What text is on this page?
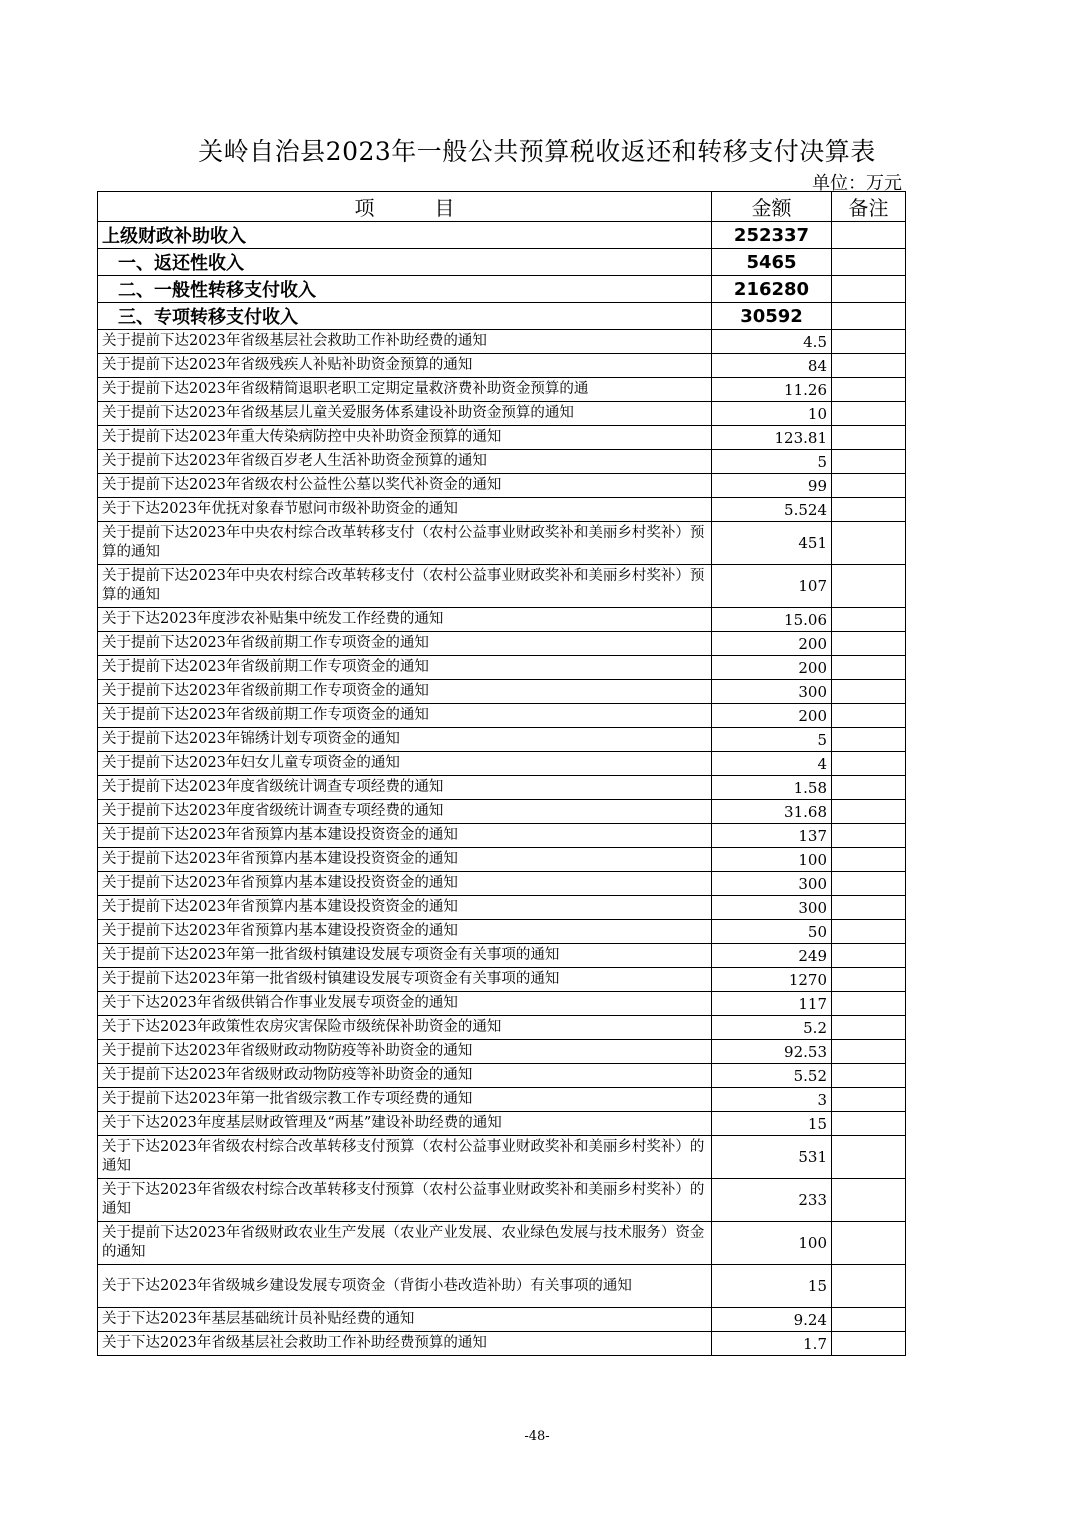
关岭自治县2023年一般公共预算税收返还和转移支付决算表
单位：万元
项目	金额	备注
上级财政补助收入	252337	
一、返还性收入	5465	
二、一般性转移支付收入	216280	
三、专项转移支付收入	30592	
关于提前下达2023年省级基层社会救助工作补助经费的通知	4.5	
关于提前下达2023年省级残疾人补贴补助资金预算的通知	84	
关于提前下达2023年省级精简退职老职工定期定量救济费补助资金预算的通	11.26	
关于提前下达2023年省级基层儿童关爱服务体系建设补助资金预算的通知	10	
关于提前下达2023年重大传染病防控中央补助资金预算的通知	123.81	
关于提前下达2023年省级百岁老人生活补助资金预算的通知	5	
关于提前下达2023年省级农村公益性公墓以奖代补资金的通知	99	
关于下达2023年优抚对象春节慰问市级补助资金的通知	5.524	
关于提前下达2023年中央农村综合改革转移支付（农村公益事业财政奖补和美丽乡村奖补）预算的通知	451	
关于提前下达2023年中央农村综合改革转移支付（农村公益事业财政奖补和美丽乡村奖补）预算的通知	107	
关于下达2023年度涉农补贴集中统发工作经费的通知	15.06	
关于提前下达2023年省级前期工作专项资金的通知	200	
关于提前下达2023年省级前期工作专项资金的通知	200	
关于提前下达2023年省级前期工作专项资金的通知	300	
关于提前下达2023年省级前期工作专项资金的通知	200	
关于提前下达2023年锦绣计划专项资金的通知	5	
关于提前下达2023年妇女儿童专项资金的通知	4	
关于提前下达2023年度省级统计调查专项经费的通知	1.58	
关于提前下达2023年度省级统计调查专项经费的通知	31.68	
关于提前下达2023年省预算内基本建设投资资金的通知	137	
关于提前下达2023年省预算内基本建设投资资金的通知	100	
关于提前下达2023年省预算内基本建设投资资金的通知	300	
关于提前下达2023年省预算内基本建设投资资金的通知	300	
关于提前下达2023年省预算内基本建设投资资金的通知	50	
关于提前下达2023年第一批省级村镇建设发展专项资金有关事项的通知	249	
关于提前下达2023年第一批省级村镇建设发展专项资金有关事项的通知	1270	
关于下达2023年省级供销合作事业发展专项资金的通知	117	
关于下达2023年政策性农房灾害保险市级统保补助资金的通知	5.2	
关于提前下达2023年省级财政动物防疫等补助资金的通知	92.53	
关于提前下达2023年省级财政动物防疫等补助资金的通知	5.52	
关于提前下达2023年第一批省级宗教工作专项经费的通知	3	
关于下达2023年度基层财政管理及“两基”建设补助经费的通知	15	
关于下达2023年省级农村综合改革转移支付预算（农村公益事业财政奖补和美丽乡村奖补）的通知	531	
关于下达2023年省级农村综合改革转移支付预算（农村公益事业财政奖补和美丽乡村奖补）的通知	233	
关于提前下达2023年省级财政农业生产发展（农业产业发展、农业绿色发展与技术服务）资金的通知	100	
关于下达2023年省级城乡建设发展专项资金（背街小巷改造补助）有关事项的通知	15	
关于下达2023年基层基础统计员补贴经费的通知	9.24	
关于下达2023年省级基层社会救助工作补助经费预算的通知	1.7	
-48-
